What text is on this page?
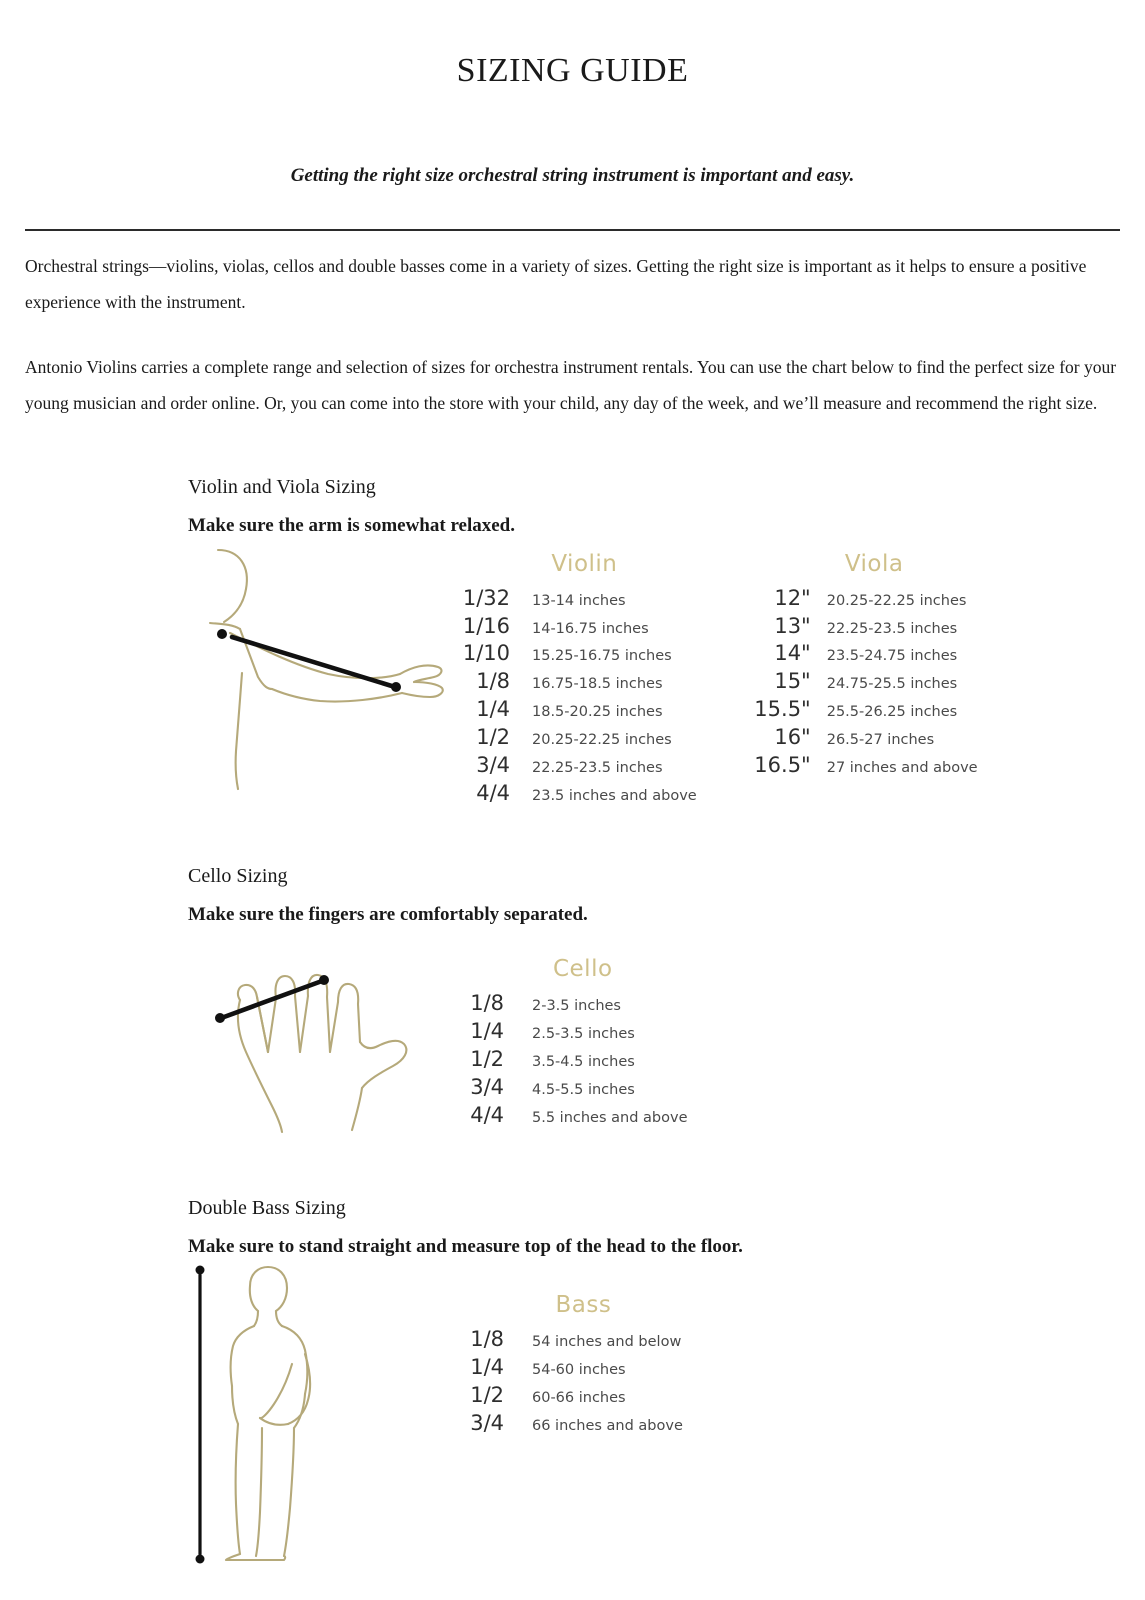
SIZING GUIDE

Getting the right size orchestral string instrument is important and easy.

Orchestral strings—violins, violas, cellos and double basses come in a variety of sizes. Getting the right size is important as it helps to ensure a positive experience with the instrument.

Antonio Violins carries a complete range and selection of sizes for orchestra instrument rentals. You can use the chart below to find the perfect size for your young musician and order online. Or, you can come into the store with your child, any day of the week, and we’ll measure and recommend the right size.

Violin and Viola Sizing

Make sure the arm is somewhat relaxed.

Violin
1/32 13-14 inches
1/16 14-16.75 inches
1/10 15.25-16.75 inches
1/8 16.75-18.5 inches
1/4 18.5-20.25 inches
1/2 20.25-22.25 inches
3/4 22.25-23.5 inches
4/4 23.5 inches and above
Viola
12" 20.25-22.25 inches
13" 22.25-23.5 inches
14" 23.5-24.75 inches
15" 24.75-25.5 inches
15.5" 25.5-26.25 inches
16" 26.5-27 inches
16.5" 27 inches and above
Cello Sizing

Make sure the fingers are comfortably separated.

Cello
1/8 2-3.5 inches
1/4 2.5-3.5 inches
1/2 3.5-4.5 inches
3/4 4.5-5.5 inches
4/4 5.5 inches and above
Double Bass Sizing

Make sure to stand straight and measure top of the head to the floor.

Bass
1/8 54 inches and below
1/4 54-60 inches
1/2 60-66 inches
3/4 66 inches and above
